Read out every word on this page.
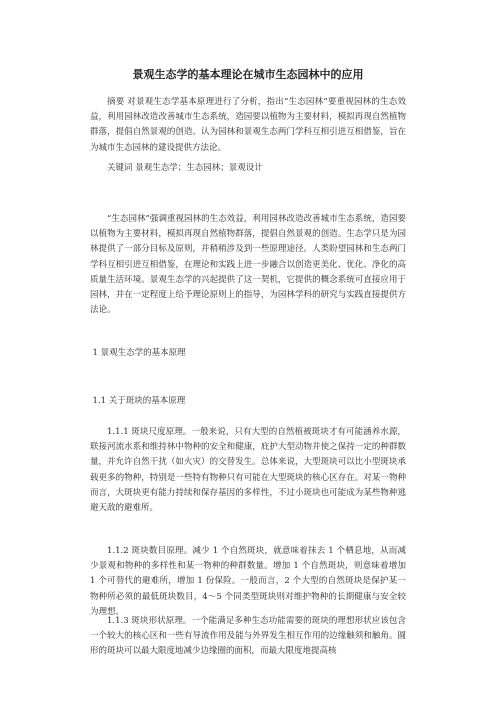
景观生态学的基本理论在城市生态园林中的应用
摘要 对景观生态学基本原理进行了分析，指出“生态园林”要重视园林的生态效益，利用园林改造改善城市生态系统，造园要以植物为主要材料，模拟再现自然植物群落，提倡自然景观的创造。认为园林和景观生态两门学科互相引进互相借鉴，旨在为城市生态园林的建设提供方法论。
关键词 景观生态学；生态园林；景观设计
“生态园林”强调重视园林的生态效益，利用园林改造改善城市生态系统，造园要以植物为主要材料，模拟再现自然植物群落，提倡自然景观的创造。生态学只是为园林提供了一部分目标及原则，并稍稍涉及到一些原理途径。人类盼望园林和生态两门学科互相引进互相借鉴，在理论和实践上进一步融合以创造更美化、优化、净化的高质量生活环境。景观生态学的兴起提供了这一契机，它提供的概念系统可直接应用于园林，并在一定程度上给予理论原则上的指导，为园林学科的研究与实践直接提供方法论。
1 景观生态学的基本原理
1.1 关于斑块的基本原理
1.1.1 斑块尺度原理。一般来说，只有大型的自然植被斑块才有可能涵养水源，联接河流水系和维持林中物种的安全和健康，庇护大型动物并使之保持一定的种群数量，并允许自然干扰（如火灾）的交替发生。总体来说，大型斑块可以比小型斑块承载更多的物种，特别是一些特有物种只有可能在大型斑块的核心区存在。对某一物种而言，大斑块更有能力持续和保存基因的多样性，不过小斑块也可能成为某些物种逃避天敌的避难所。
1.1.2 斑块数目原理。减少 1 个自然斑块，就意味着抹去 1 个栖息地，从而减少景观和物种的多样性和某一物种的种群数量。增加 1 个自然斑块，则意味着增加 1 个可替代的避难所，增加 1 份保险。一般而言，2 个大型的自然斑块是保护某一物种所必须的最低斑块数目，4～5 个同类型斑块则对维护物种的长期健康与安全较为理想。
1.1.3 斑块形状原理。一个能满足多种生态功能需要的斑块的理想形状应该包含一个较大的核心区和一些有导流作用及能与外界发生相互作用的边缘触须和触角。圆形的斑块可以最大限度地减少边缘圈的面积，而最大限度地提高核
